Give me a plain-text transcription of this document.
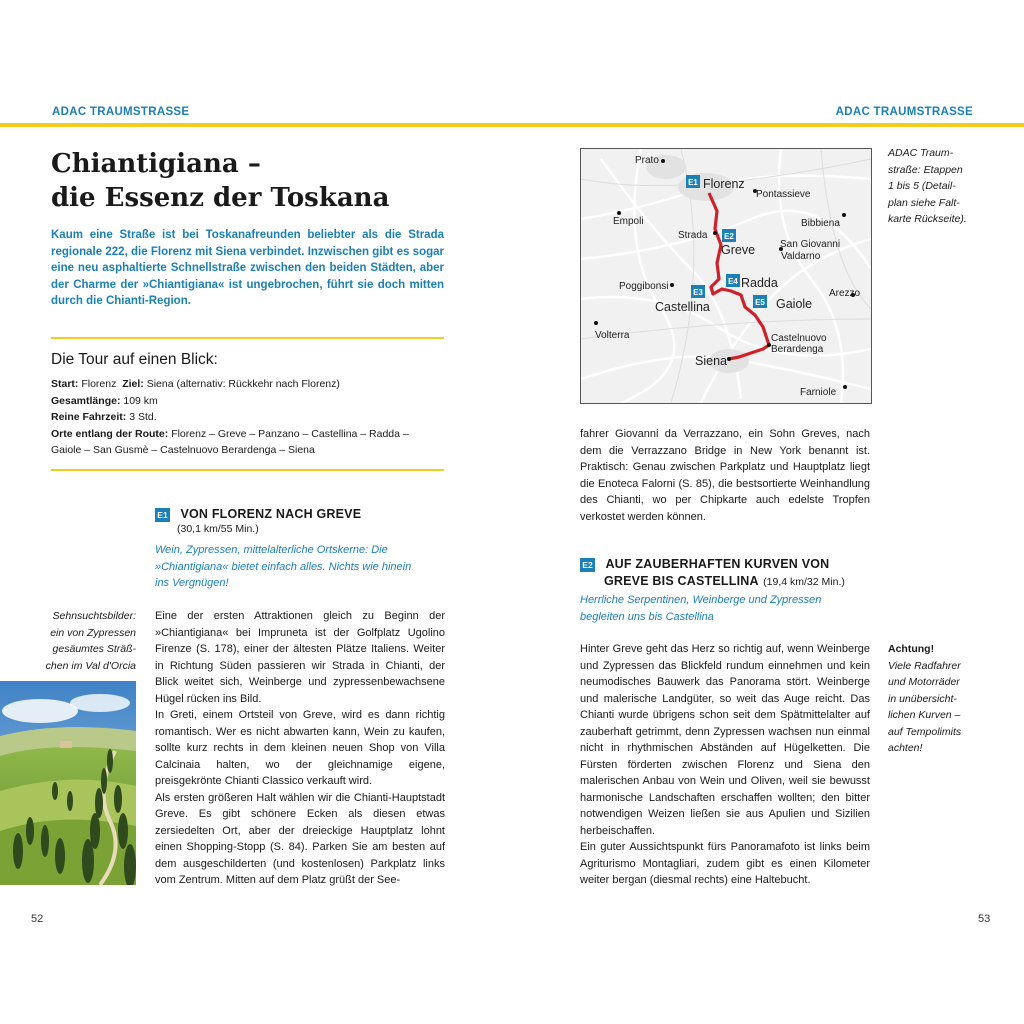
ADAC TRAUMSTRASSE	ADAC TRAUMSTRASSE
Chiantigiana –
die Essenz der Toskana
Kaum eine Straße ist bei Toskanafreunden beliebter als die Strada regionale 222, die Florenz mit Siena verbindet. Inzwischen gibt es sogar eine neu asphaltierte Schnellstraße zwischen den beiden Städten, aber der Charme der »Chiantigiana« ist ungebrochen, führt sie doch mitten durch die Chianti-Region.
Die Tour auf einen Blick:
Start: Florenz Ziel: Siena (alternativ: Rückkehr nach Florenz)
Gesamtlänge: 109 km
Reine Fahrzeit: 3 Std.
Orte entlang der Route: Florenz – Greve – Panzano – Castellina – Radda –
Gaiole – San Gusmè – Castelnuovo Berardenga – Siena
E1 VON FLORENZ NACH GREVE
(30,1 km/55 Min.)
Wein, Zypressen, mittelalterliche Ortskerne: Die
»Chiantigiana« bietet einfach alles. Nichts wie hinein
ins Vergnügen!
Sehnsuchtsbilder:
ein von Zypressen
gesäumtes Sträß-
chen im Val d'Orcia

Eine der ersten Attraktionen gleich zu Beginn der »Chiantigiana« bei Impruneta ist der Golfplatz Ugolino Firenze (S. 178), einer der ältesten Plätze Italiens. Weiter in Richtung Süden passieren wir Strada in Chianti, der Blick weitet sich, Weinberge und zypressenbewachsene Hügel rücken ins Bild.

In Greti, einem Ortsteil von Greve, wird es dann richtig romantisch. Wer es nicht abwarten kann, Wein zu kaufen, sollte kurz rechts in dem kleinen neuen Shop von Villa Calcinaia halten, wo der gleichnamige eigene, preisgekrönte Chianti Classico verkauft wird.

Als ersten größeren Halt wählen wir die Chianti-Hauptstadt Greve. Es gibt schönere Ecken als diesen etwas zersiedelten Ort, aber der dreieckige Hauptplatz lohnt einen Shopping-Stopp (S. 84). Parken Sie am besten auf dem ausgeschilderten (und kostenlosen) Parkplatz links vom Zentrum. Mitten auf dem Platz grüßt der See-

52
Prato
Florenz
Pontassieve
Empoli	Bibbiena
Strada
Greve San Giovanni
Valdarno
Poggibonsi	Radda
Arezzo
Castellina	Gaiole
Volterra	Castelnuovo
Berardenga
Siena
Farniole
E1
E2
E3
E4
E5
ADAC Traum-
straße: Etappen
1 bis 5 (Detail-
plan siehe Falt-
karte Rückseite).
fahrer Giovanni da Verrazzano, ein Sohn Greves, nach dem die Verrazzano Bridge in New York benannt ist. Praktisch: Genau zwischen Parkplatz und Hauptplatz liegt die Enoteca Falorni (S. 85), die bestsortierte Weinhandlung des Chianti, wo per Chipkarte auch edelste Tropfen verkostet werden können.
E2 AUF ZAUBERHAFTEN KURVEN VON
GREVE BIS CASTELLINA (19,4 km/32 Min.)
Herrliche Serpentinen, Weinberge und Zypressen
begleiten uns bis Castellina

Hinter Greve geht das Herz so richtig auf, wenn Weinberge und Zypressen das Blickfeld rundum einnehmen und kein neumodisches Bauwerk das Panorama stört. Weinberge und malerische Landgüter, so weit das Auge reicht. Das Chianti wurde übrigens schon seit dem Spätmittelalter auf zauberhaft getrimmt, denn Zypressen wachsen nun einmal nicht in rhythmischen Abständen auf Hügelketten. Die Fürsten förderten zwischen Florenz und Siena den malerischen Anbau von Wein und Oliven, weil sie bewusst harmonische Landschaften erschaffen wollten; den bitter notwendigen Weizen ließen sie aus Apulien und Sizilien herbeischaffen.

Ein guter Aussichtspunkt fürs Panoramafoto ist links beim Agriturismo Montagliari, zudem gibt es einen Kilometer weiter bergan (diesmal rechts) eine Haltebucht.

Achtung!
Viele Radfahrer
und Motorräder
in unübersicht-
lichen Kurven –
auf Tempolimits
achten!
53
